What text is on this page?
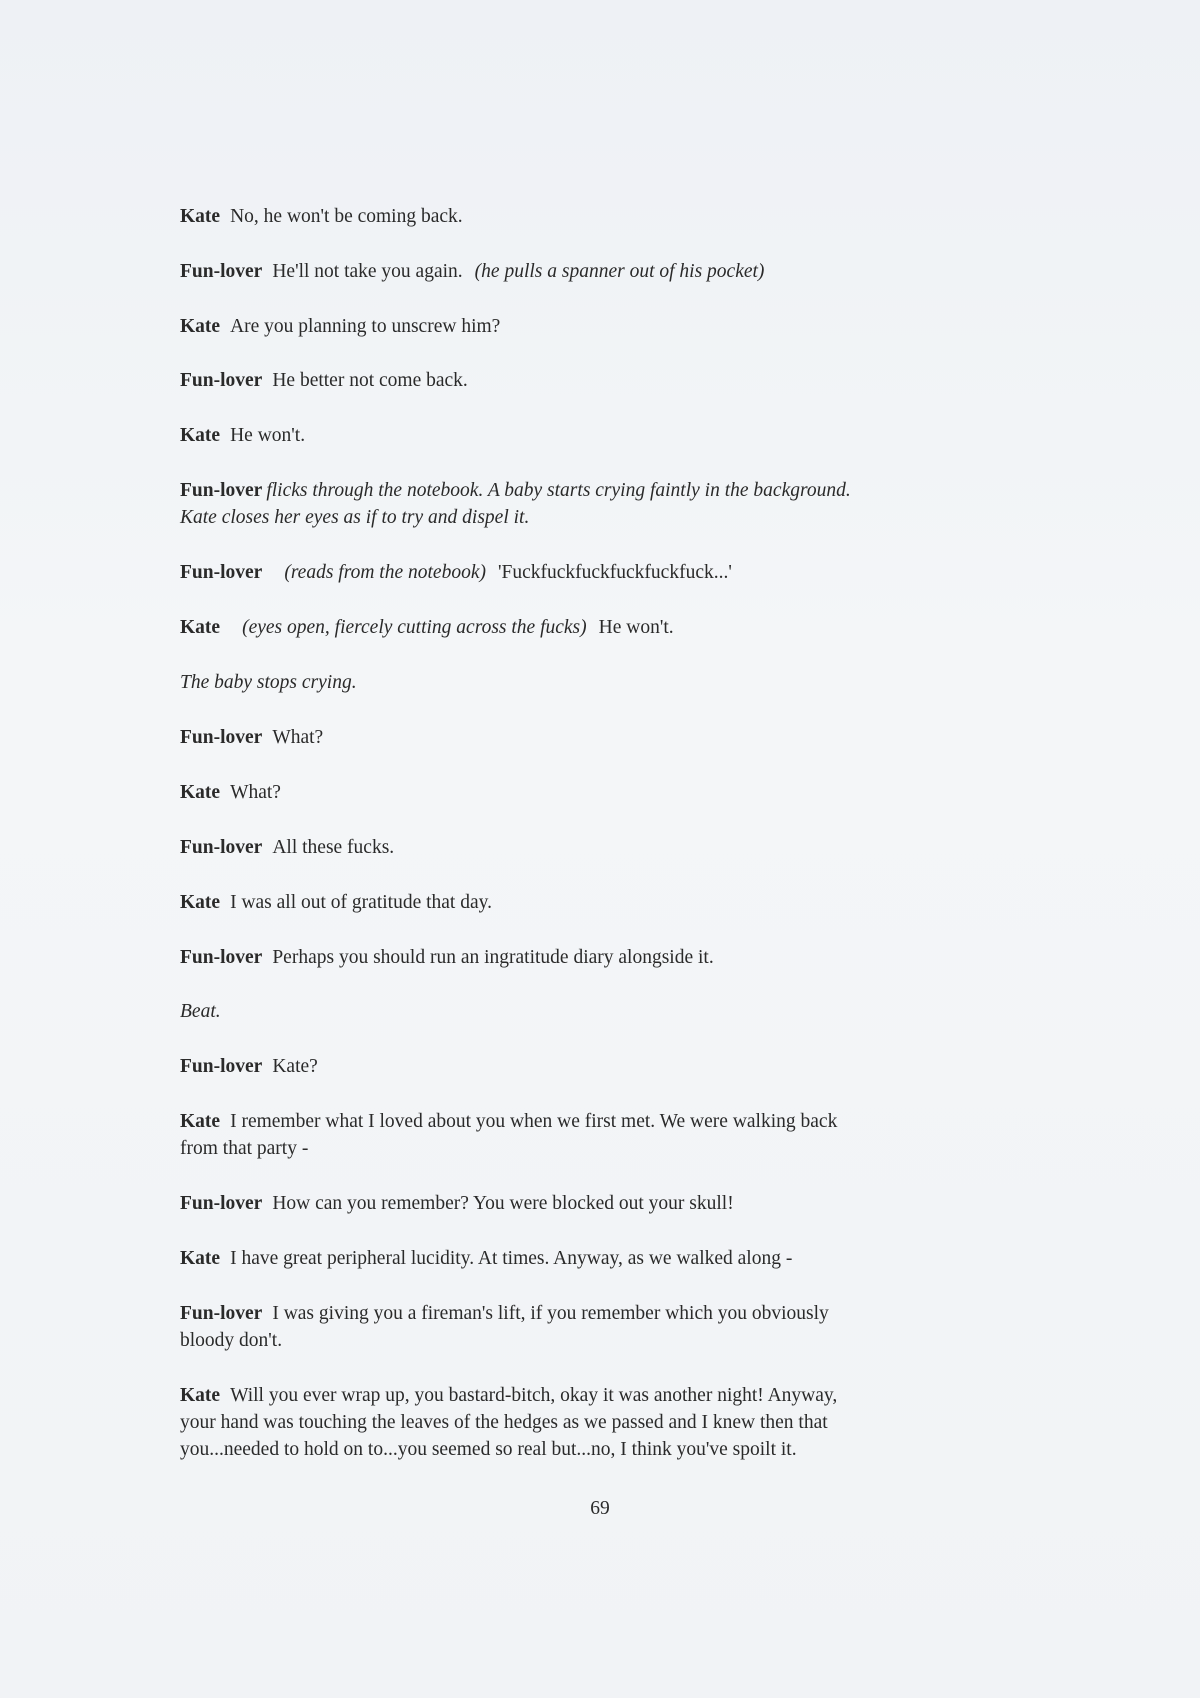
Kate No, he won't be coming back.

Fun-lover He'll not take you again. (he pulls a spanner out of his pocket)

Kate Are you planning to unscrew him?

Fun-lover He better not come back.

Kate He won't.

Fun-lover flicks through the notebook. A baby starts crying faintly in the background.
Kate closes her eyes as if to try and dispel it.

Fun-lover (reads from the notebook) 'Fuckfuckfuckfuckfuckfuck...'

Kate (eyes open, fiercely cutting across the fucks) He won't.

The baby stops crying.

Fun-lover What?

Kate What?

Fun-lover All these fucks.

Kate I was all out of gratitude that day.

Fun-lover Perhaps you should run an ingratitude diary alongside it.

Beat.

Fun-lover Kate?

Kate I remember what I loved about you when we first met. We were walking back
from that party -

Fun-lover How can you remember? You were blocked out your skull!

Kate I have great peripheral lucidity. At times. Anyway, as we walked along -

Fun-lover I was giving you a fireman's lift, if you remember which you obviously
bloody don't.

Kate Will you ever wrap up, you bastard-bitch, okay it was another night! Anyway,
your hand was touching the leaves of the hedges as we passed and I knew then that
you...needed to hold on to...you seemed so real but...no, I think you've spoilt it.

69
